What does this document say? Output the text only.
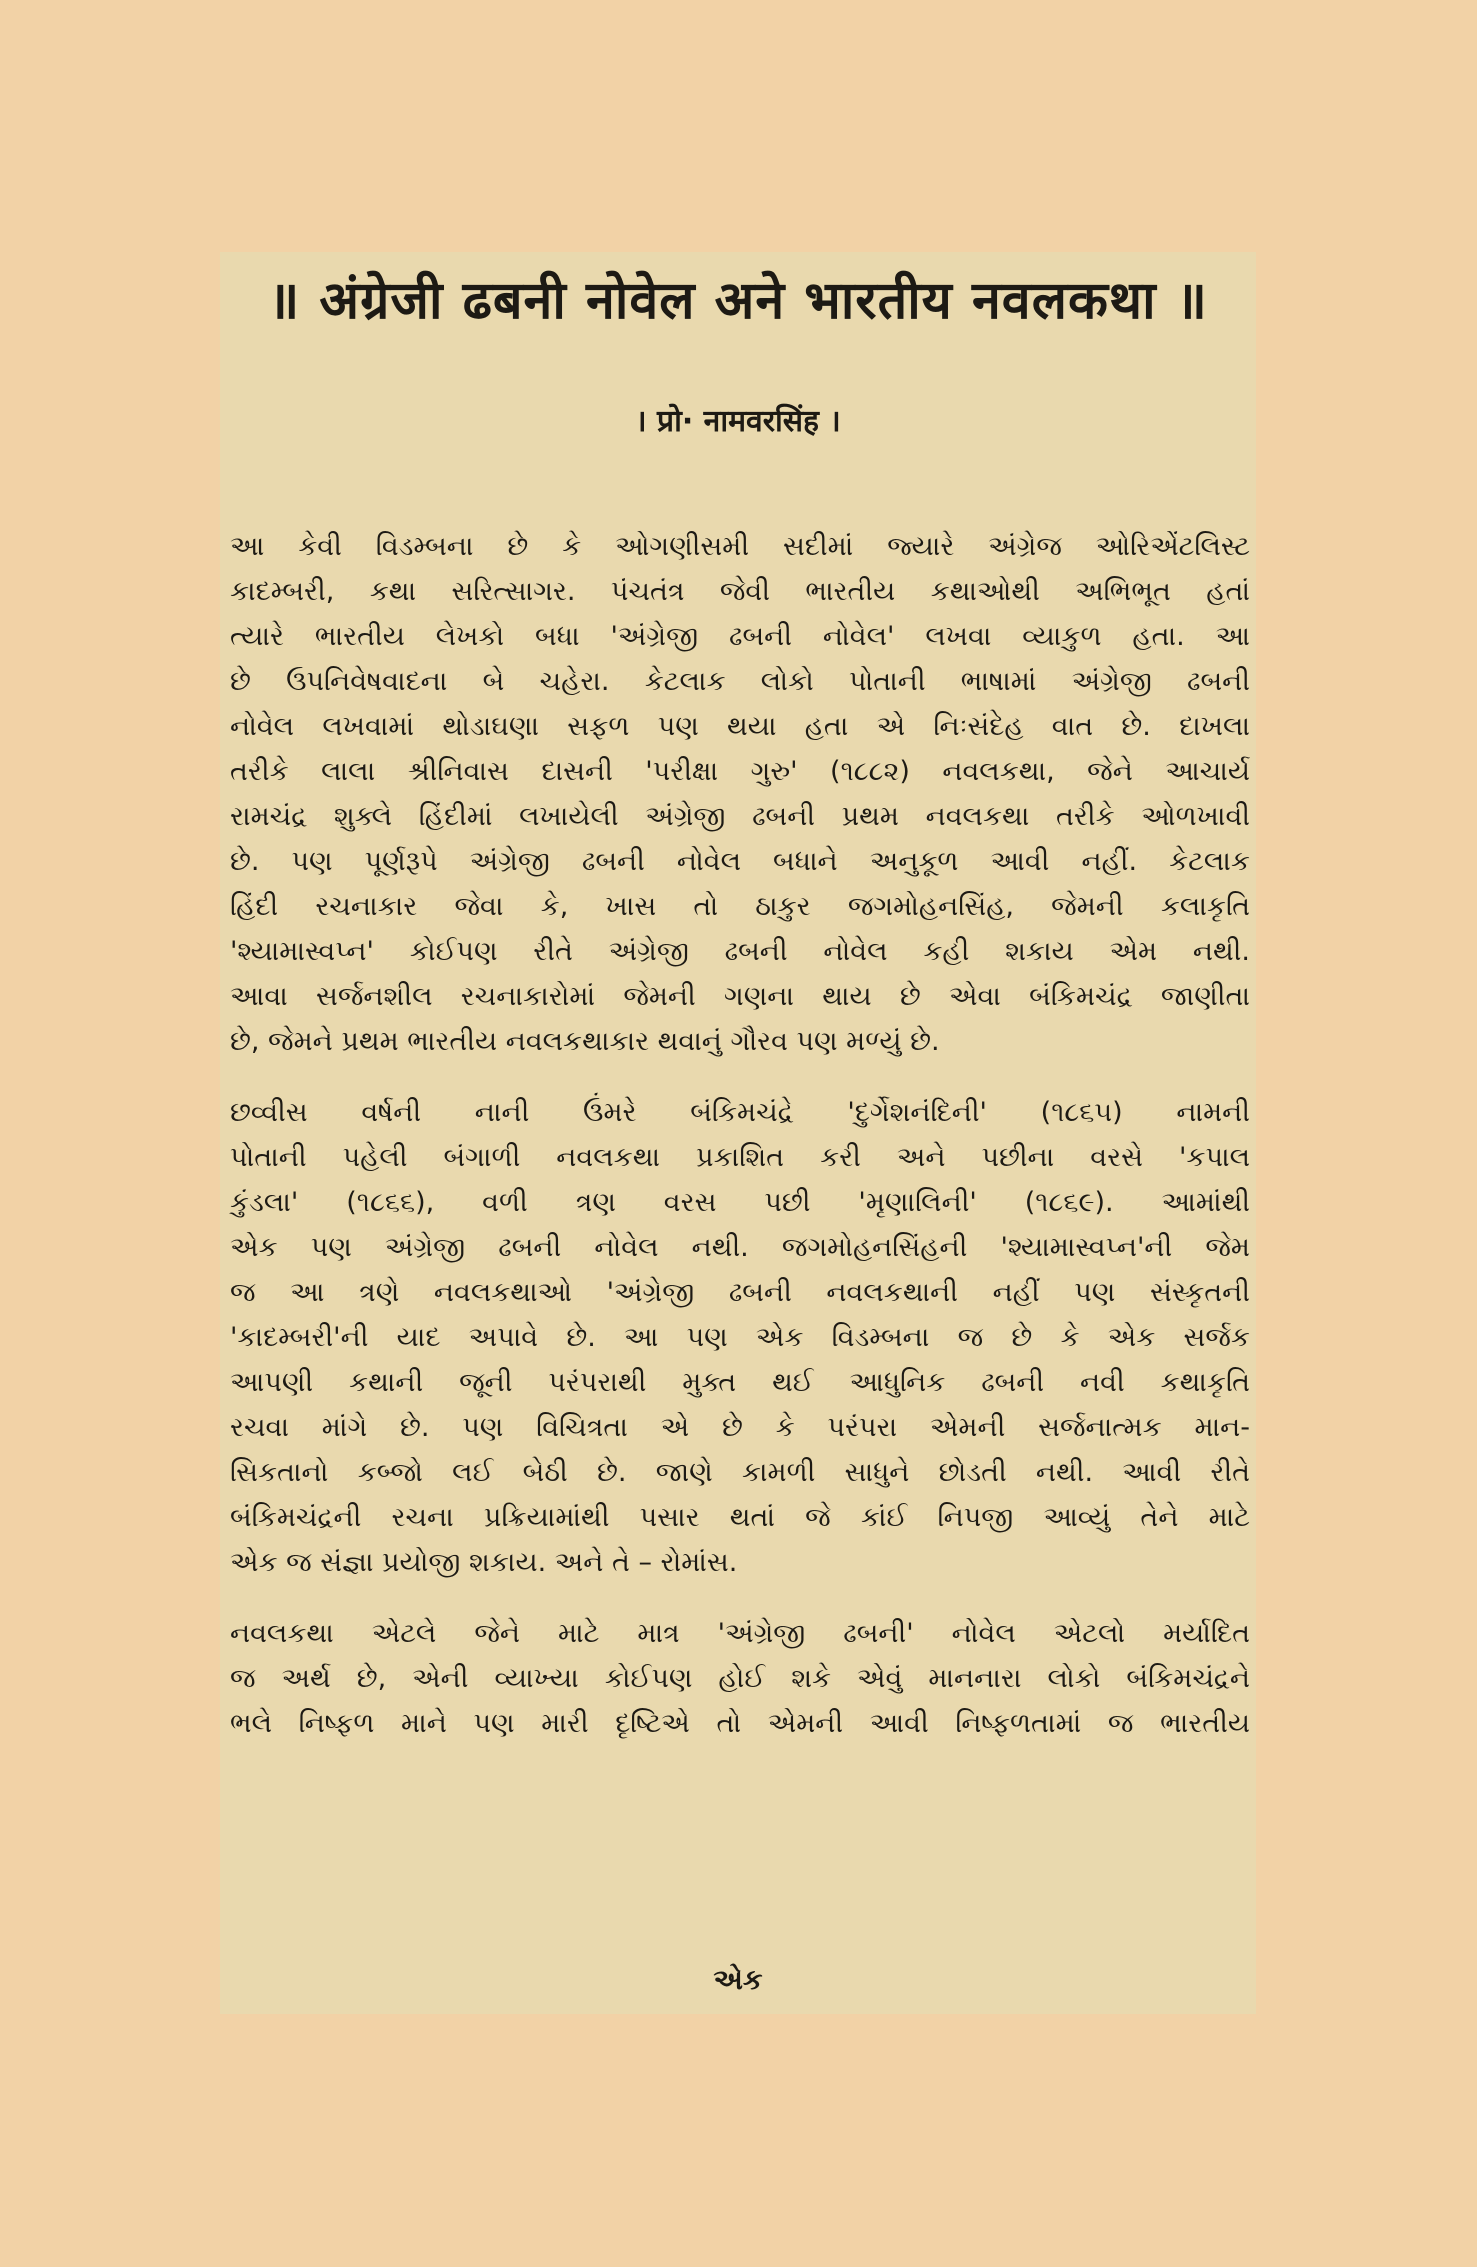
॥ अंग्रेजी ढबनी नोवेल अने भारतीय नवलकथा ॥
। प्रो· नामवरसिंह ।

આ કેવી વિડમ્બના છે કે ઓગણીસમી સદીમાં જ્યારે અંગ્રેજ ઓરિએંટલિસ્ટ
કાદમ્બરી, કથા સરિત્સાગર. પંચતંત્ર જેવી ભારતીય કથાઓથી અભિભૂત હતાં
ત્યારે ભારતીય લેખકો બધા 'અંગ્રેજી ઢબની નોવેલ' લખવા વ્યાકુળ હતા. આ
છે ઉપનિવેષવાદના બે ચહેરા. કેટલાક લોકો પોતાની ભાષામાં અંગ્રેજી ઢબની
નોવેલ લખવામાં થોડાઘણા સફળ પણ થયા હતા એ નિઃસંદેહ વાત છે. દાખલા
તરીકે લાલા શ્રીનિવાસ દાસની 'પરીક્ષા ગુરુ' (૧૮૮૨) નવલકથા, જેને આચાર્ય
રામચંદ્ર શુક્લે હિંદીમાં લખાયેલી અંગ્રેજી ઢબની પ્રથમ નવલકથા તરીકે ઓળખાવી
છે. પણ પૂર્ણરૂપે અંગ્રેજી ઢબની નોવેલ બધાને અનુકૂળ આવી નહીં. કેટલાક
હિંદી રચનાકાર જેવા કે, ખાસ તો ઠાકુર જગમોહનસિંહ, જેમની કલાકૃતિ
'શ્યામાસ્વપ્ન' કોઈપણ રીતે અંગ્રેજી ઢબની નોવેલ કહી શકાય એમ નથી.
આવા સર્જનશીલ રચનાકારોમાં જેમની ગણના થાય છે એવા બંકિમચંદ્ર જાણીતા
છે, જેમને પ્રથમ ભારતીય નવલકથાકાર થવાનું ગૌરવ પણ મળ્યું છે.

છવ્વીસ વર્ષની નાની ઉંમરે બંકિમચંદ્રે 'દુર્ગેશનંદિની' (૧૮૬૫) નામની
પોતાની પહેલી બંગાળી નવલકથા પ્રકાશિત કરી અને પછીના વરસે 'કપાલ
કુંડલા' (૧૮૬૬), વળી ત્રણ વરસ પછી 'મૃણાલિની' (૧૮૬૯). આમાંથી
એક પણ અંગ્રેજી ઢબની નોવેલ નથી. જગમોહનસિંહની 'શ્યામાસ્વપ્ન'ની જેમ
જ આ ત્રણે નવલકથાઓ 'અંગ્રેજી ઢબની નવલકથાની નહીં પણ સંસ્કૃતની
'કાદમ્બરી'ની યાદ અપાવે છે. આ પણ એક વિડમ્બના જ છે કે એક સર્જક
આપણી કથાની જૂની પરંપરાથી મુક્ત થઈ આધુનિક ઢબની નવી કથાકૃતિ
રચવા માંગે છે. પણ વિચિત્રતા એ છે કે પરંપરા એમની સર્જનાત્મક માન-
સિકતાનો કબ્જો લઈ બેઠી છે. જાણે કામળી સાધુને છોડતી નથી. આવી રીતે
બંકિમચંદ્રની રચના પ્રક્રિયામાંથી પસાર થતાં જે કાંઈ નિપજી આવ્યું તેને માટે
એક જ સંજ્ઞા પ્રયોજી શકાય. અને તે – રોમાંસ.

નવલકથા એટલે જેને માટે માત્ર 'અંગ્રેજી ઢબની' નોવેલ એટલો મર્યાદિત
જ અર્થ છે, એની વ્યાખ્યા કોઈપણ હોઈ શકે એવું માનનારા લોકો બંકિમચંદ્રને
ભલે નિષ્ફળ માને પણ મારી દૃષ્ટિએ તો એમની આવી નિષ્ફળતામાં જ ભારતીય

એક
